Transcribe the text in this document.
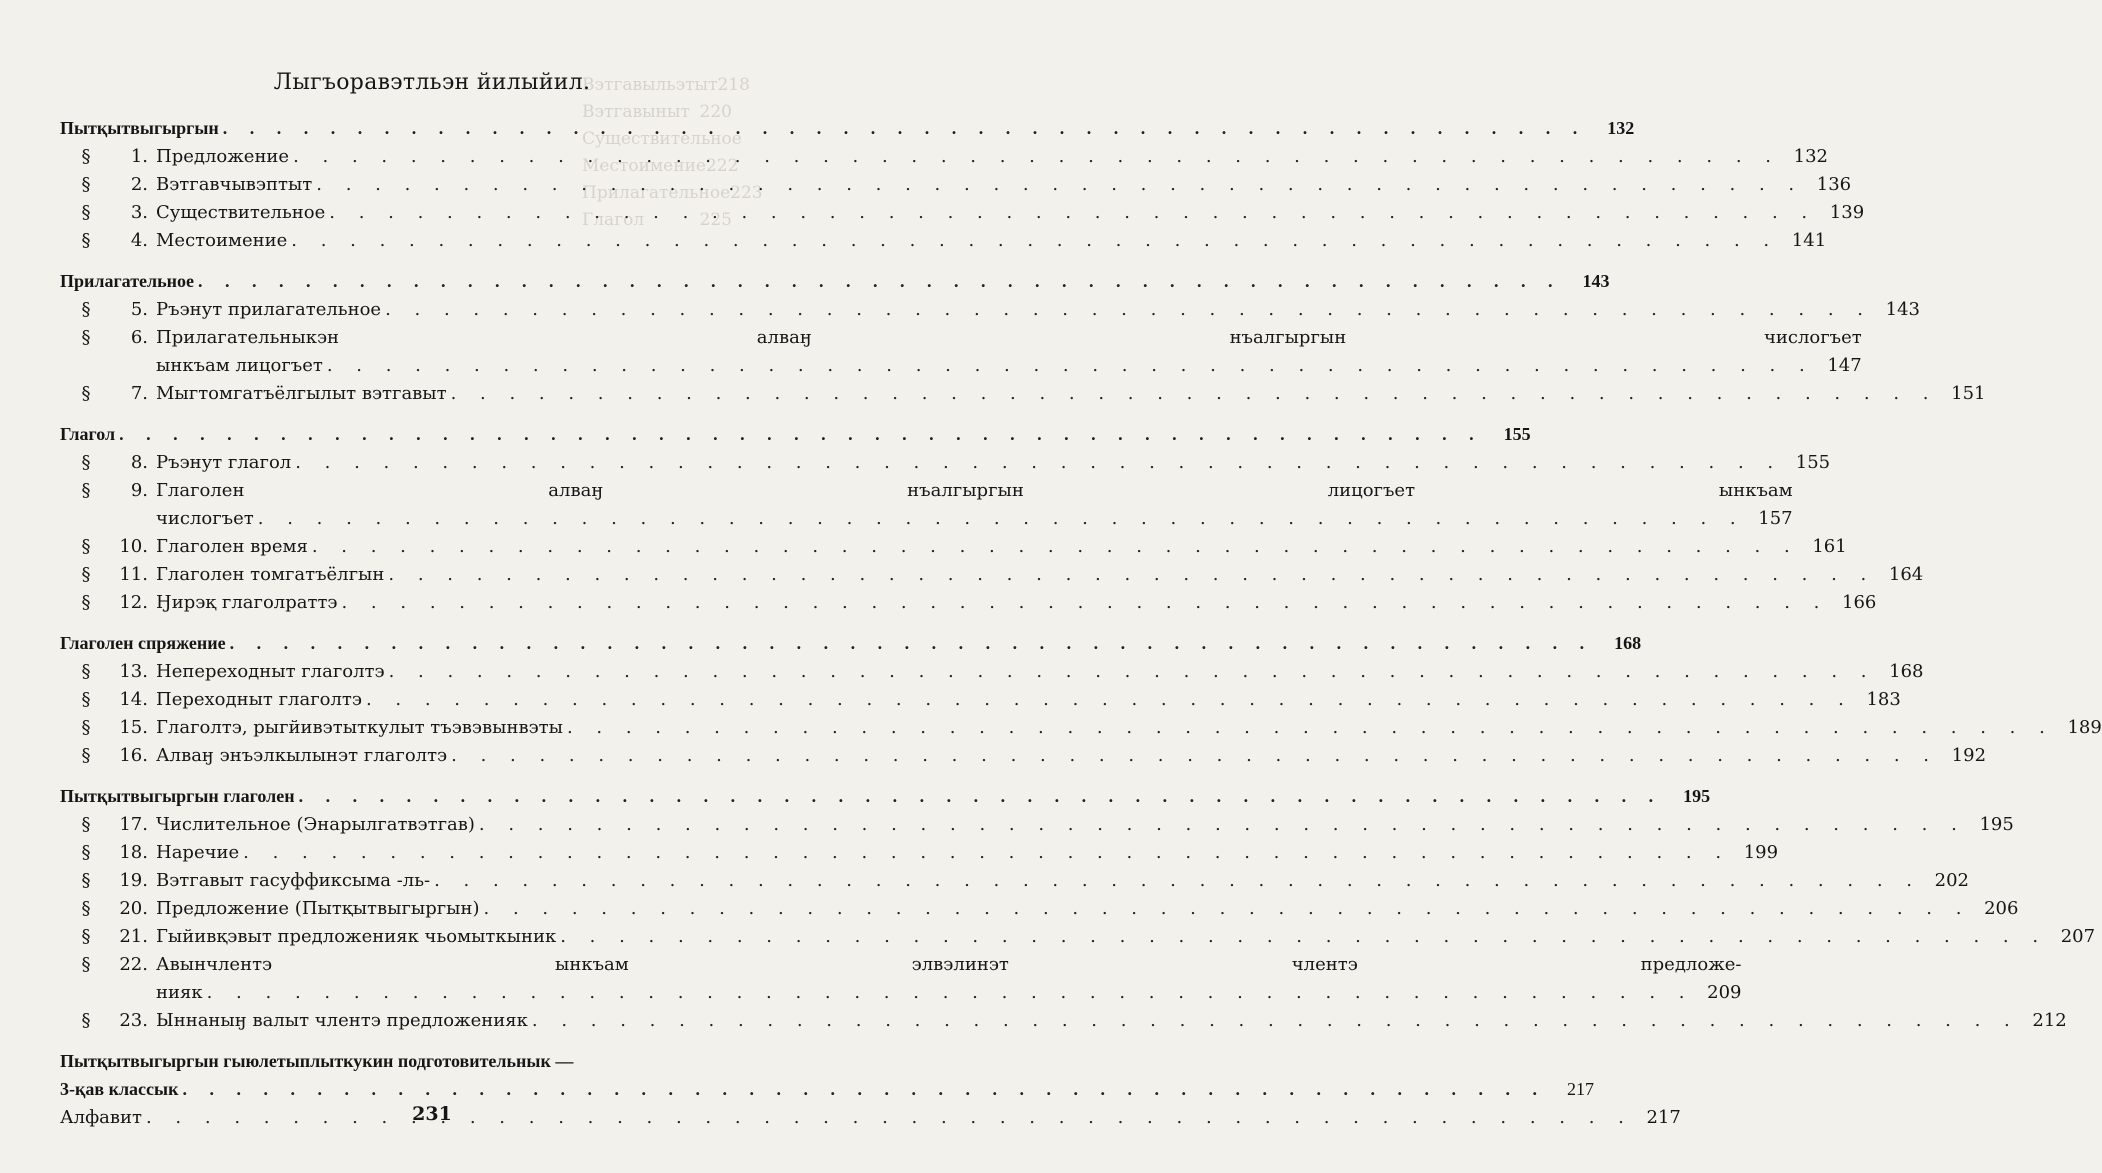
Вэтгавыльэтыт 218
Вэтгавыныт 220
Существительное
Местоимение 222
Прилагательное 223
Глагол	225
Лыгъоравэтльэн йилыйил.
Пытқытвыгыргын . . .	132
§	1. Предложение . . .	132
§	2. Вэтгавчывэптыт . . .	136
§	3. Существительное . . .	139
§	4. Местоимение . . .	141
Прилагательное . . .	143
§	5. Ръэнут прилагательное . . .	143
§	6. Прилагательныкэн алваӈ нъалгыргын числогъет
ынкъам лицогъет . . .	147
§	7. Мыгтомгатъёлгылыт вэтгавыт . . .	151
Глагол . . .	155
§	8. Ръэнут глагол . . .	155
§	9. Глаголен алваӈ нъалгыргын лицогъет ынкъам
числогъет . . .	157
§	10. Глаголен время . . .	161
§	11. Глаголен томгатъёлгын . . .	164
§	12. Ӈирэқ глаголраттэ . . .	166
Глаголен спряжение . . .	168
§	13. Непереходныт глаголтэ . . .	168
§	14. Переходныт глаголтэ . . .	183
§	15. Глаголтэ, рыгйивэтыткулыт тъэвэвынвэты . . .	189
§	16. Алваӈ энъэлкылынэт глаголтэ . . .	192
Пытқытвыгыргын глаголен . . .	195
§	17. Числительное (Энарылгатвэтгав) . . .	195
§	18. Наречие . . .	199
§	19. Вэтгавыт гасуффиксыма -ль- . . .	202
§	20. Предложение (Пытқытвыгыргын) . . .	206
§	21. Гыйивқэвыт предложенияк чьомыткыник . . .	207
§	22. Авынчлентэ ынкъам элвэлинэт члентэ предложе-
нияк . . .	209
§	23. Ыннаныӈ валыт члентэ предложенияк . . .	212
Пытқытвыгыргын гыюлетыплыткукин подготовительнык —
3-қав классык . . .	217
Алфавит . . .	217
231
